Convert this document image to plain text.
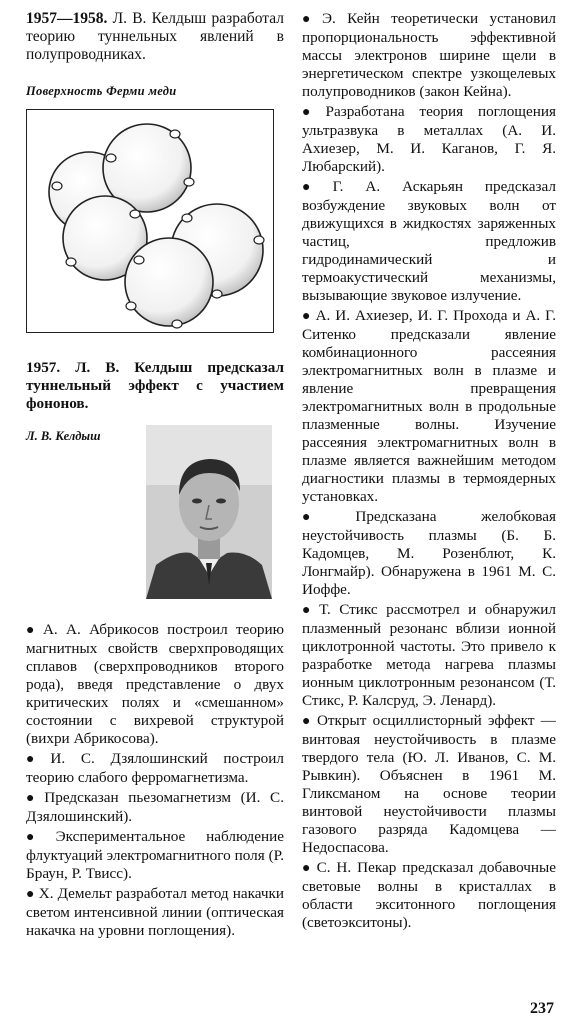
1957—1958. Л. В. Келдыш разработал теорию туннельных явлений в полупроводниках.

Поверхность Ферми меди

1957. Л. В. Келдыш предсказал туннельный эффект с участием фононов.

Л. В. Келдыш

● А. А. Абрикосов построил теорию магнитных свойств сверхпроводящих сплавов (сверхпроводников второго рода), введя представление о двух критических полях и «смешанном» состоянии с вихревой структурой (вихри Абрикосова).

● И. С. Дзялошинский построил теорию слабого ферромагнетизма.

● Предсказан пьезомагнетизм (И. С. Дзялошинский).

● Экспериментальное наблюдение флуктуаций электромагнитного поля (Р. Браун, Р. Твисс).

● Х. Демельт разработал метод накачки светом интенсивной линии (оптическая накачка на уровни поглощения).

● Э. Кейн теоретически установил пропорциональность эффективной массы электронов ширине щели в энергетическом спектре узкощелевых полупроводников (закон Кейна).

● Разработана теория поглощения ультразвука в металлах (А. И. Ахиезер, М. И. Каганов, Г. Я. Любарский).

● Г. А. Аскарьян предсказал возбуждение звуковых волн от движущихся в жидкостях заряженных частиц, предложив гидродинамический и термоакустический механизмы, вызывающие звуковое излучение.

● А. И. Ахиезер, И. Г. Прохода и А. Г. Ситенко предсказали явление комбинационного рассеяния электромагнитных волн в плазме и явление превращения электромагнитных волн в продольные плазменные волны. Изучение рассеяния электромагнитных волн в плазме является важнейшим методом диагностики плазмы в термоядерных установках.

● Предсказана желобковая неустойчивость плазмы (Б. Б. Кадомцев, М. Розенблют, К. Лонгмайр). Обнаружена в 1961 М. С. Иоффе.

● Т. Стикс рассмотрел и обнаружил плазменный резонанс вблизи ионной циклотронной частоты. Это привело к разработке метода нагрева плазмы ионным циклотронным резонансом (Т. Стикс, Р. Калсруд, Э. Ленард).

● Открыт осциллисторный эффект — винтовая неустойчивость в плазме твердого тела (Ю. Л. Иванов, С. М. Рывкин). Объяснен в 1961 М. Гликсманом на основе теории винтовой неустойчивости плазмы газового разряда Кадомцева — Недоспасова.

● С. Н. Пекар предсказал добавочные световые волны в кристаллах в области экситонного поглощения (светоэкситоны).

237
